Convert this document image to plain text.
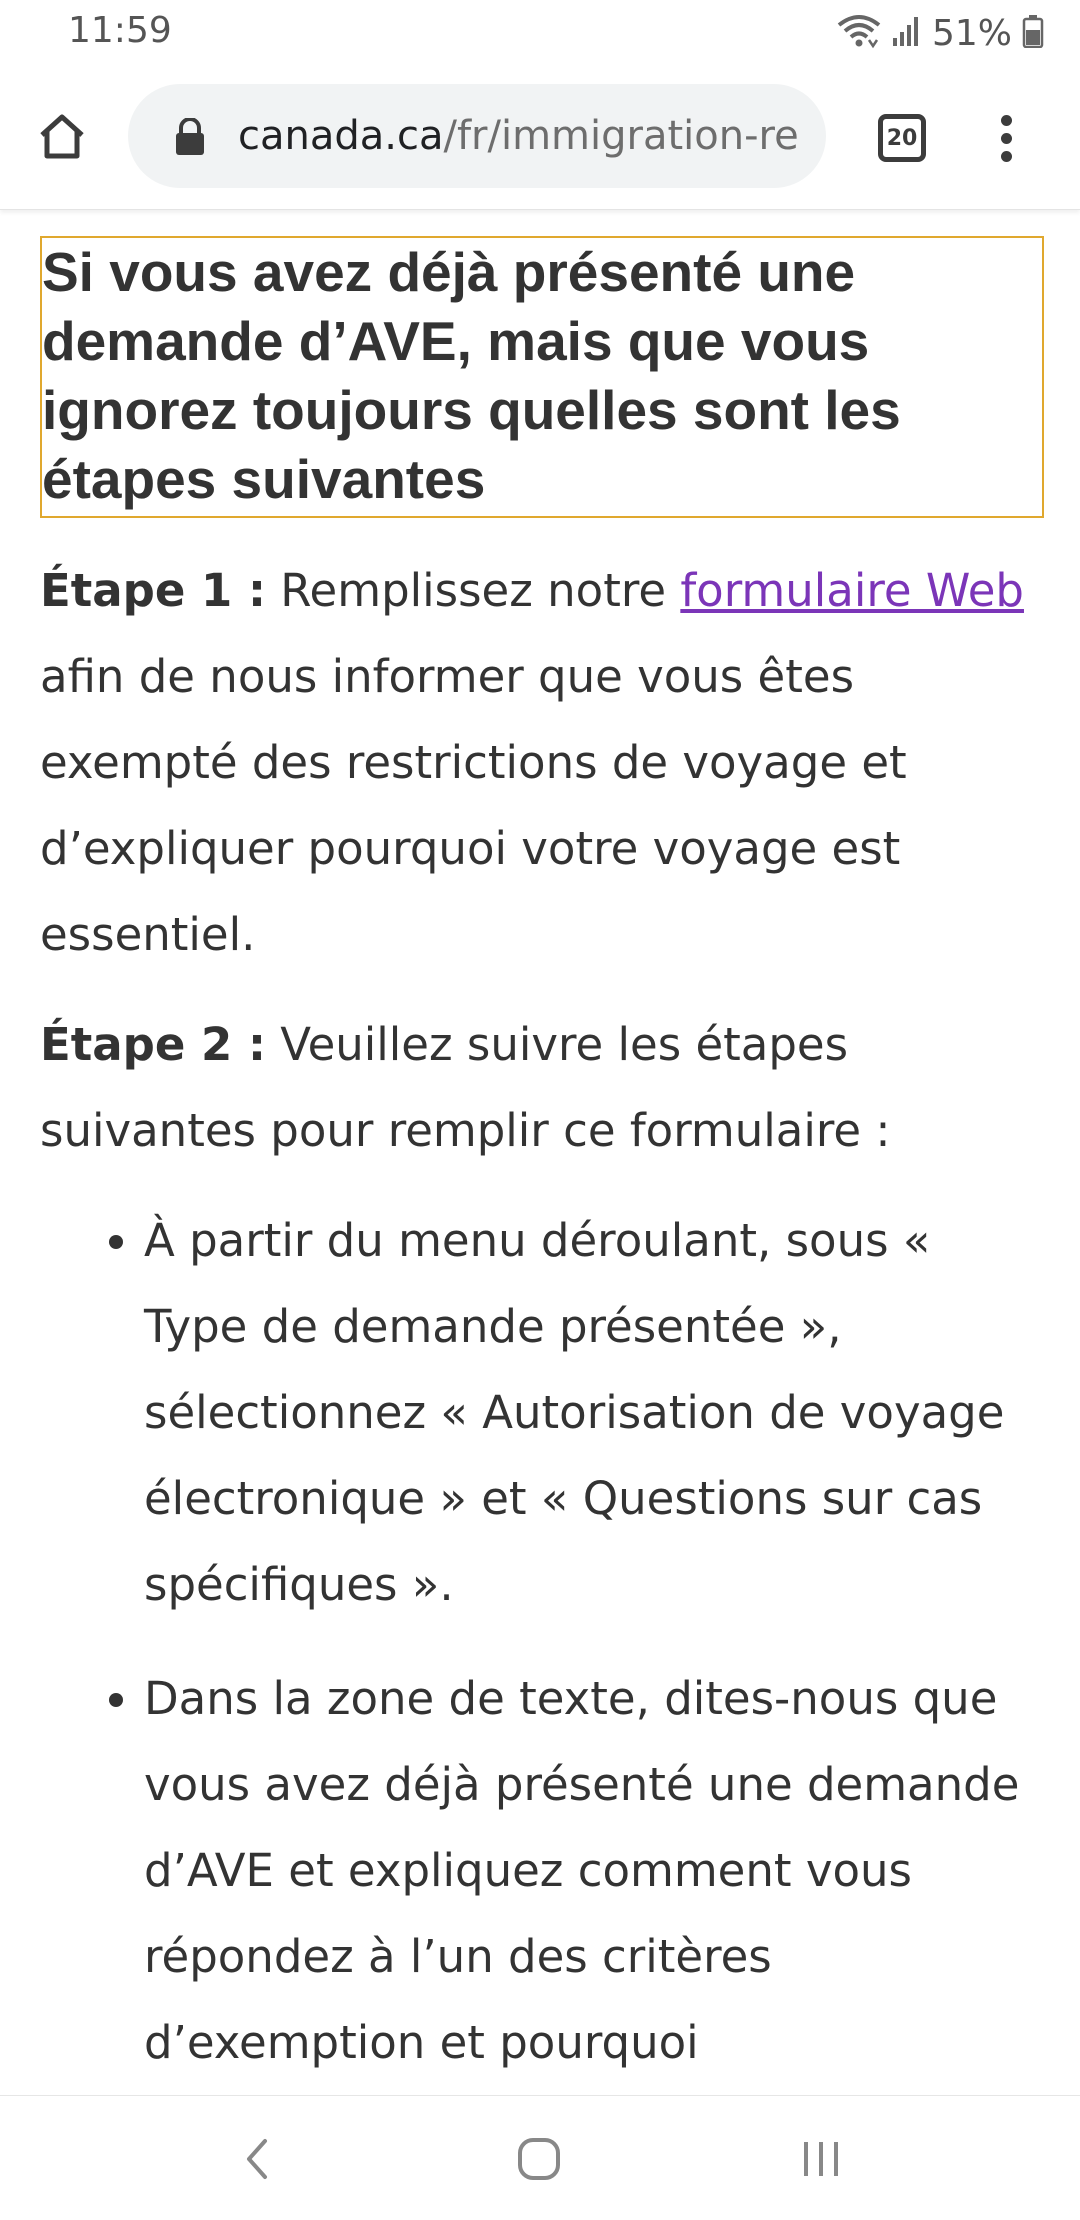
11:59	51%
canada.ca/fr/immigration-re	20
Si vous avez déjà présenté une demande d’AVE, mais que vous ignorez toujours quelles sont les étapes suivantes

Étape 1 : Remplissez notre formulaire Web afin de nous informer que vous êtes exempté des restrictions de voyage et d’expliquer pourquoi votre voyage est essentiel.

Étape 2 : Veuillez suivre les étapes suivantes pour remplir ce formulaire :

• À partir du menu déroulant, sous « Type de demande présentée », sélectionnez « Autorisation de voyage électronique » et « Questions sur cas spécifiques ».
• Dans la zone de texte, dites-nous que vous avez déjà présenté une demande d’AVE et expliquez comment vous répondez à l’un des critères d’exemption et pourquoi
